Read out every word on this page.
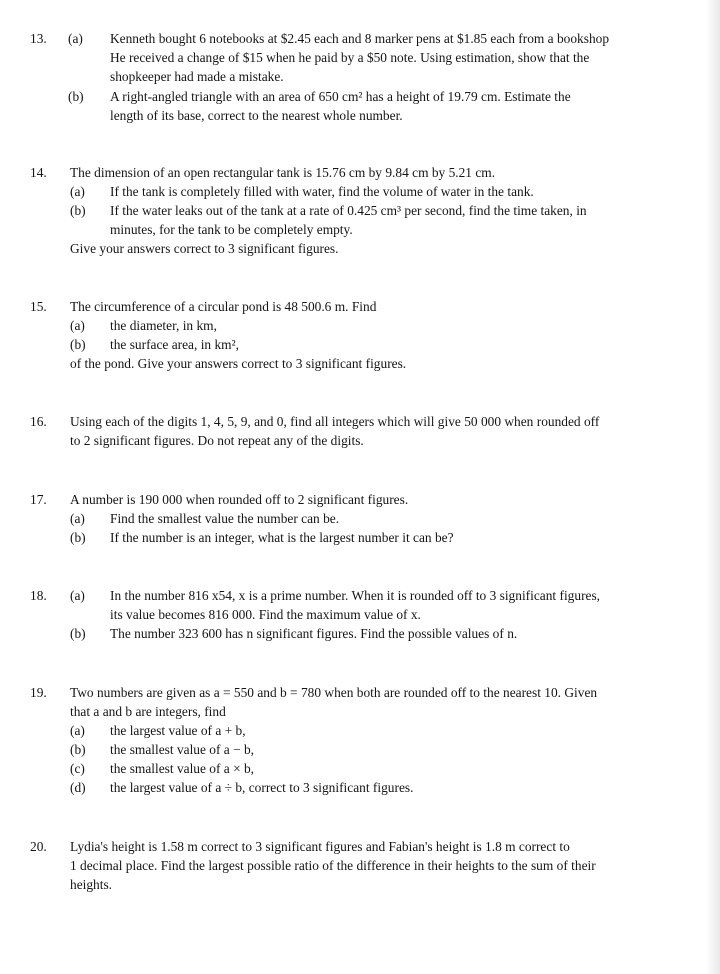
13. (a) Kenneth bought 6 notebooks at $2.45 each and 8 marker pens at $1.85 each from a bookshop
He received a change of $15 when he paid by a $50 note. Using estimation, show that the
shopkeeper had made a mistake.
(b) A right-angled triangle with an area of 650 cm² has a height of 19.79 cm. Estimate the
length of its base, correct to the nearest whole number.
14. The dimension of an open rectangular tank is 15.76 cm by 9.84 cm by 5.21 cm.
(a) If the tank is completely filled with water, find the volume of water in the tank.
(b) If the water leaks out of the tank at a rate of 0.425 cm³ per second, find the time taken, in
minutes, for the tank to be completely empty.
Give your answers correct to 3 significant figures.
15. The circumference of a circular pond is 48 500.6 m. Find
(a) the diameter, in km,
(b) the surface area, in km²,
of the pond. Give your answers correct to 3 significant figures.
16. Using each of the digits 1, 4, 5, 9, and 0, find all integers which will give 50 000 when rounded off
to 2 significant figures. Do not repeat any of the digits.
17. A number is 190 000 when rounded off to 2 significant figures.
(a) Find the smallest value the number can be.
(b) If the number is an integer, what is the largest number it can be?
18. (a) In the number 816 x54, x is a prime number. When it is rounded off to 3 significant figures,
its value becomes 816 000. Find the maximum value of x.
(b) The number 323 600 has n significant figures. Find the possible values of n.
19. Two numbers are given as a = 550 and b = 780 when both are rounded off to the nearest 10. Given
that a and b are integers, find
(a) the largest value of a + b,
(b) the smallest value of a − b,
(c) the smallest value of a × b,
(d) the largest value of a ÷ b, correct to 3 significant figures.
20. Lydia's height is 1.58 m correct to 3 significant figures and Fabian's height is 1.8 m correct to
1 decimal place. Find the largest possible ratio of the difference in their heights to the sum of their
heights.
